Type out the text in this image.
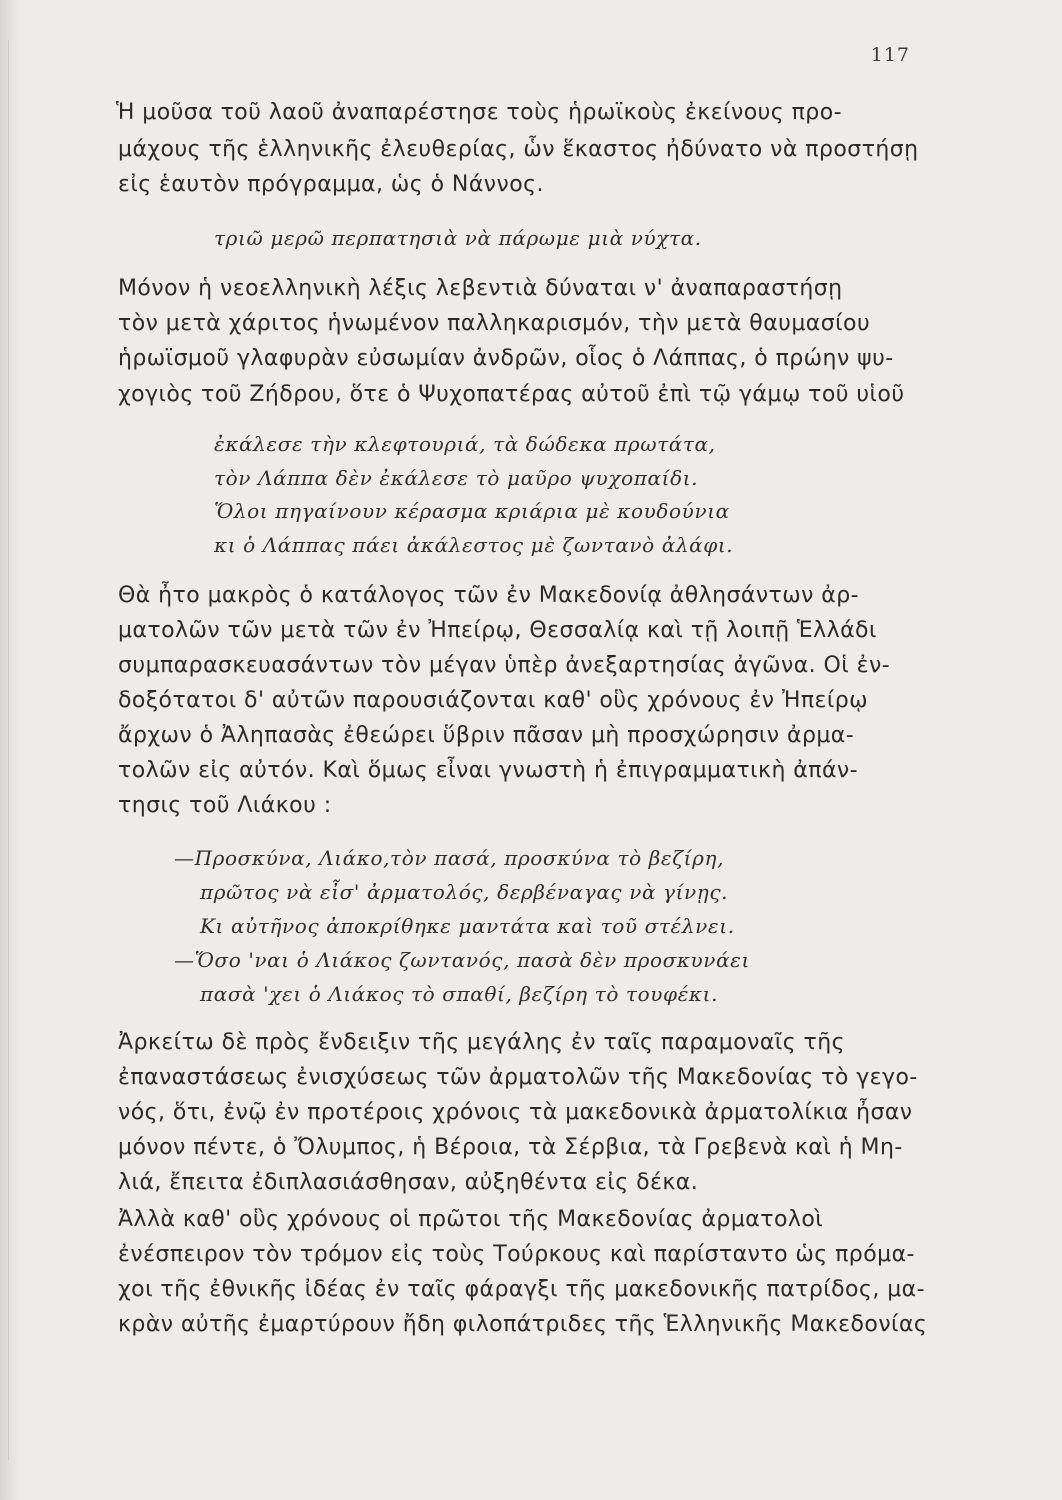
117

Ἡ μοῦσα τοῦ λαοῦ ἀναπαρέστησε τοὺς ἡρωϊκοὺς ἐκείνους προ-

μάχους τῆς ἑλληνικῆς ἐλευθερίας, ὧν ἕκαστος ἠδύνατο νὰ προστήσῃ

εἰς ἑαυτὸν πρόγραμμα, ὡς ὁ Νάννος.

τριῶ μερῶ περπατησιὰ νὰ πάρωμε μιὰ νύχτα.

Μόνον ἡ νεοελληνικὴ λέξις λεβεντιὰ δύναται ν' ἀναπαραστήσῃ

τὸν μετὰ χάριτος ἡνωμένον παλληκαρισμόν, τὴν μετὰ θαυμασίου

ἡρωϊσμοῦ γλαφυρὰν εὐσωμίαν ἀνδρῶν, οἷος ὁ Λάππας, ὁ πρώην ψυ-

χογιὸς τοῦ Ζήδρου, ὅτε ὁ Ψυχοπατέρας αὐτοῦ ἐπὶ τῷ γάμῳ τοῦ υἱοῦ

ἐκάλεσε τὴν κλεφτουριά, τὰ δώδεκα πρωτάτα,

τὸν Λάππα δὲν ἐκάλεσε τὸ μαῦρο ψυχοπαίδι.

Ὅλοι πηγαίνουν κέρασμα κριάρια μὲ κουδούνια

κι ὁ Λάππας πάει ἀκάλεστος μὲ ζωντανὸ ἀλάφι.

Θὰ ἦτο μακρὸς ὁ κατάλογος τῶν ἐν Μακεδονίᾳ ἀθλησάντων ἀρ-

ματολῶν τῶν μετὰ τῶν ἐν Ἠπείρῳ, Θεσσαλίᾳ καὶ τῇ λοιπῇ Ἑλλάδι

συμπαρασκευασάντων τὸν μέγαν ὑπὲρ ἀνεξαρτησίας ἀγῶνα. Οἱ ἐν-

δοξότατοι δ' αὐτῶν παρουσιάζονται καθ' οὓς χρόνους ἐν Ἠπείρῳ

ἄρχων ὁ Ἀληπασὰς ἐθεώρει ὕβριν πᾶσαν μὴ προσχώρησιν ἀρμα-

τολῶν εἰς αὐτόν. Καὶ ὅμως εἶναι γνωστὴ ἡ ἐπιγραμματικὴ ἀπάν-

τησις τοῦ Λιάκου :

—Προσκύνα, Λιάκο,τὸν πασά, προσκύνα τὸ βεζίρη,

πρῶτος νὰ εἶσ' ἀρματολός, δερβέναγας νὰ γίνῃς.

Κι αὐτῆνος ἀποκρίθηκε μαντάτα καὶ τοῦ στέλνει.

—Ὅσο 'ναι ὁ Λιάκος ζωντανός, πασὰ δὲν προσκυνάει

πασὰ 'χει ὁ Λιάκος τὸ σπαθί, βεζίρη τὸ τουφέκι.

Ἀρκείτω δὲ πρὸς ἔνδειξιν τῆς μεγάλης ἐν ταῖς παραμοναῖς τῆς

ἐπαναστάσεως ἐνισχύσεως τῶν ἀρματολῶν τῆς Μακεδονίας τὸ γεγο-

νός, ὅτι, ἐνῷ ἐν προτέροις χρόνοις τὰ μακεδονικὰ ἀρματολίκια ἦσαν

μόνον πέντε, ὁ Ὄλυμπος, ἡ Βέροια, τὰ Σέρβια, τὰ Γρεβενὰ καὶ ἡ Μη-

λιά, ἔπειτα ἐδιπλασιάσθησαν, αὐξηθέντα εἰς δέκα.

Ἀλλὰ καθ' οὓς χρόνους οἱ πρῶτοι τῆς Μακεδονίας ἀρματολοὶ

ἐνέσπειρον τὸν τρόμον εἰς τοὺς Τούρκους καὶ παρίσταντο ὡς πρόμα-

χοι τῆς ἐθνικῆς ἰδέας ἐν ταῖς φάραγξι τῆς μακεδονικῆς πατρίδος, μα-

κρὰν αὐτῆς ἐμαρτύρουν ἤδη φιλοπάτριδες τῆς Ἑλληνικῆς Μακεδονίας
